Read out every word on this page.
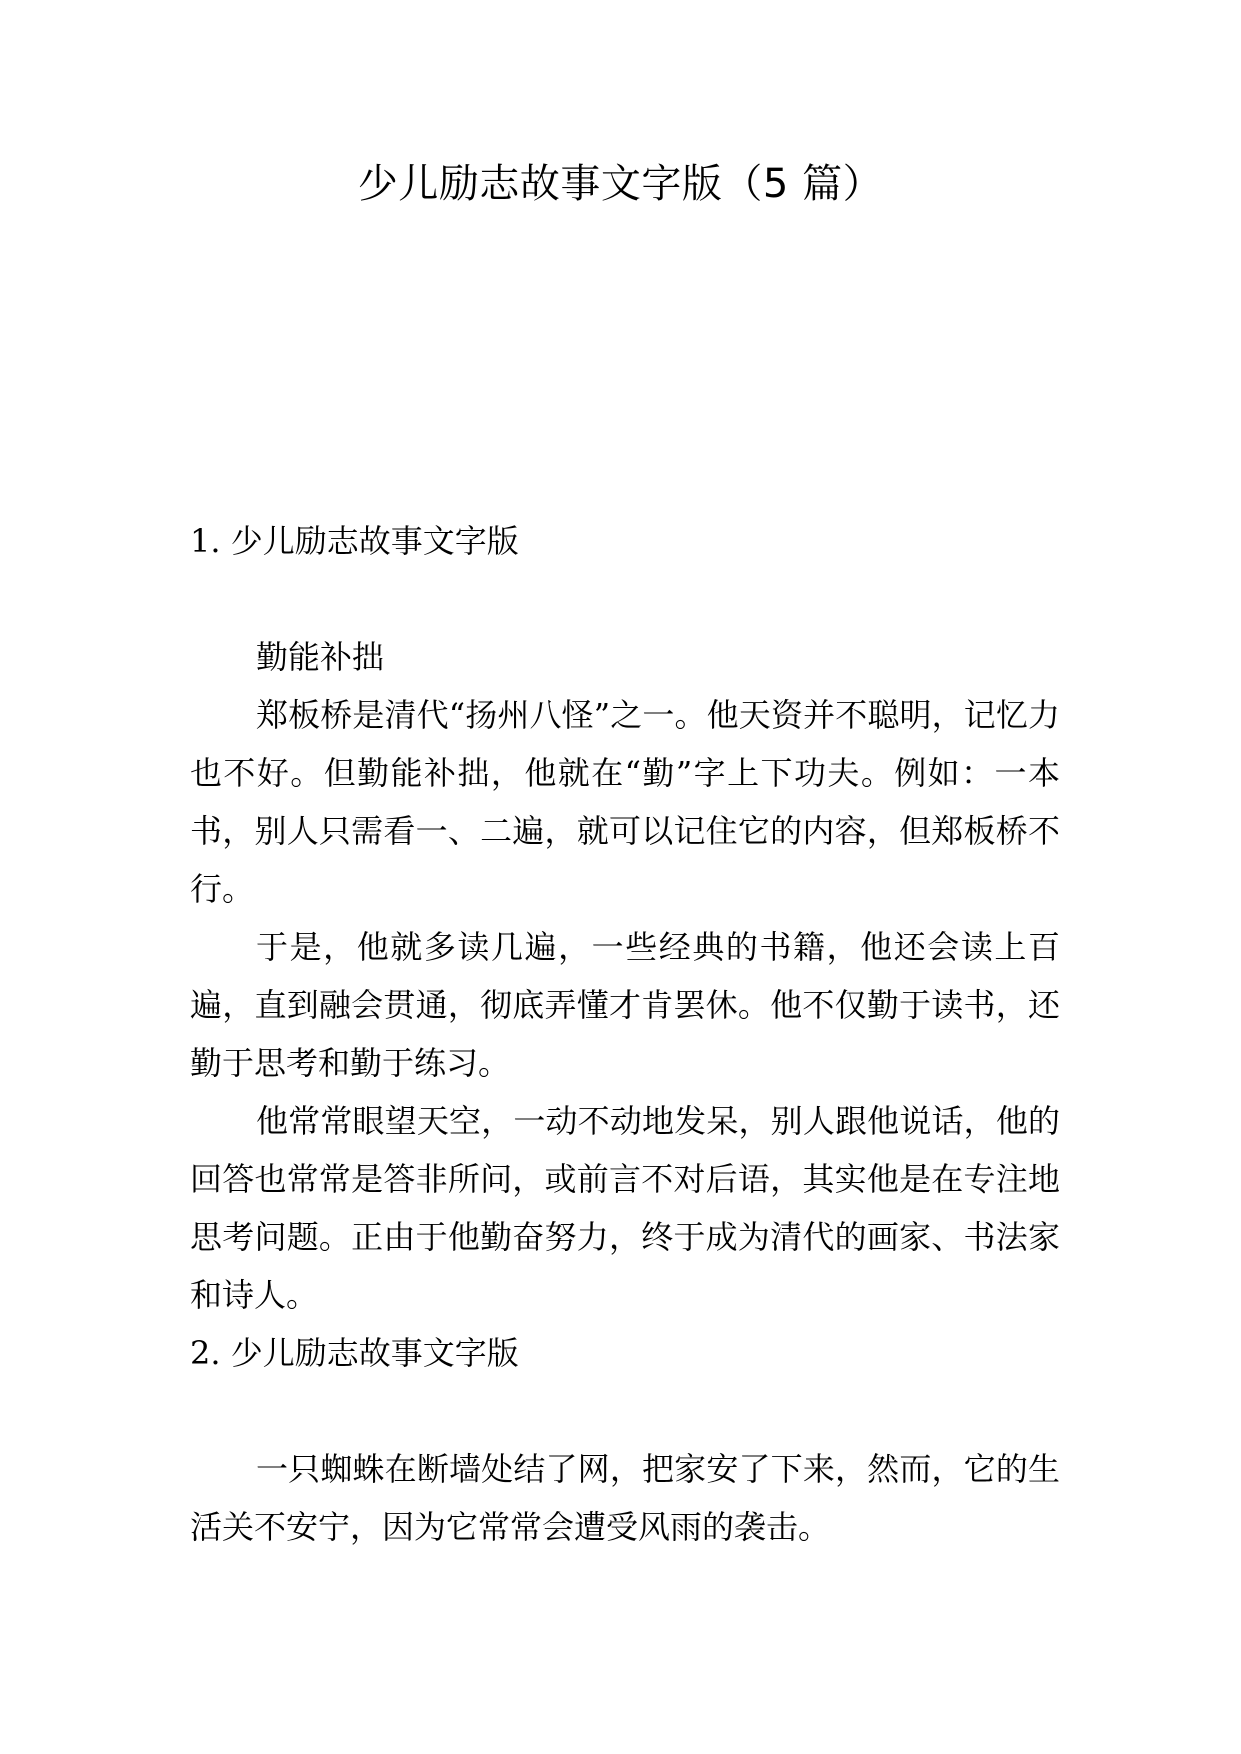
少儿励志故事文字版（5 篇）
1. 少儿励志故事文字版

勤能补拙

郑板桥是清代“扬州八怪”之一。他天资并不聪明，记忆力也不好。但勤能补拙，他就在“勤”字上下功夫。例如：一本书，别人只需看一、二遍，就可以记住它的内容，但郑板桥不行。

于是，他就多读几遍，一些经典的书籍，他还会读上百遍，直到融会贯通，彻底弄懂才肯罢休。他不仅勤于读书，还勤于思考和勤于练习。

他常常眼望天空，一动不动地发呆，别人跟他说话，他的回答也常常是答非所问，或前言不对后语，其实他是在专注地思考问题。正由于他勤奋努力，终于成为清代的画家、书法家和诗人。

2. 少儿励志故事文字版

一只蜘蛛在断墙处结了网，把家安了下来，然而，它的生活关不安宁，因为它常常会遭受风雨的袭击。
